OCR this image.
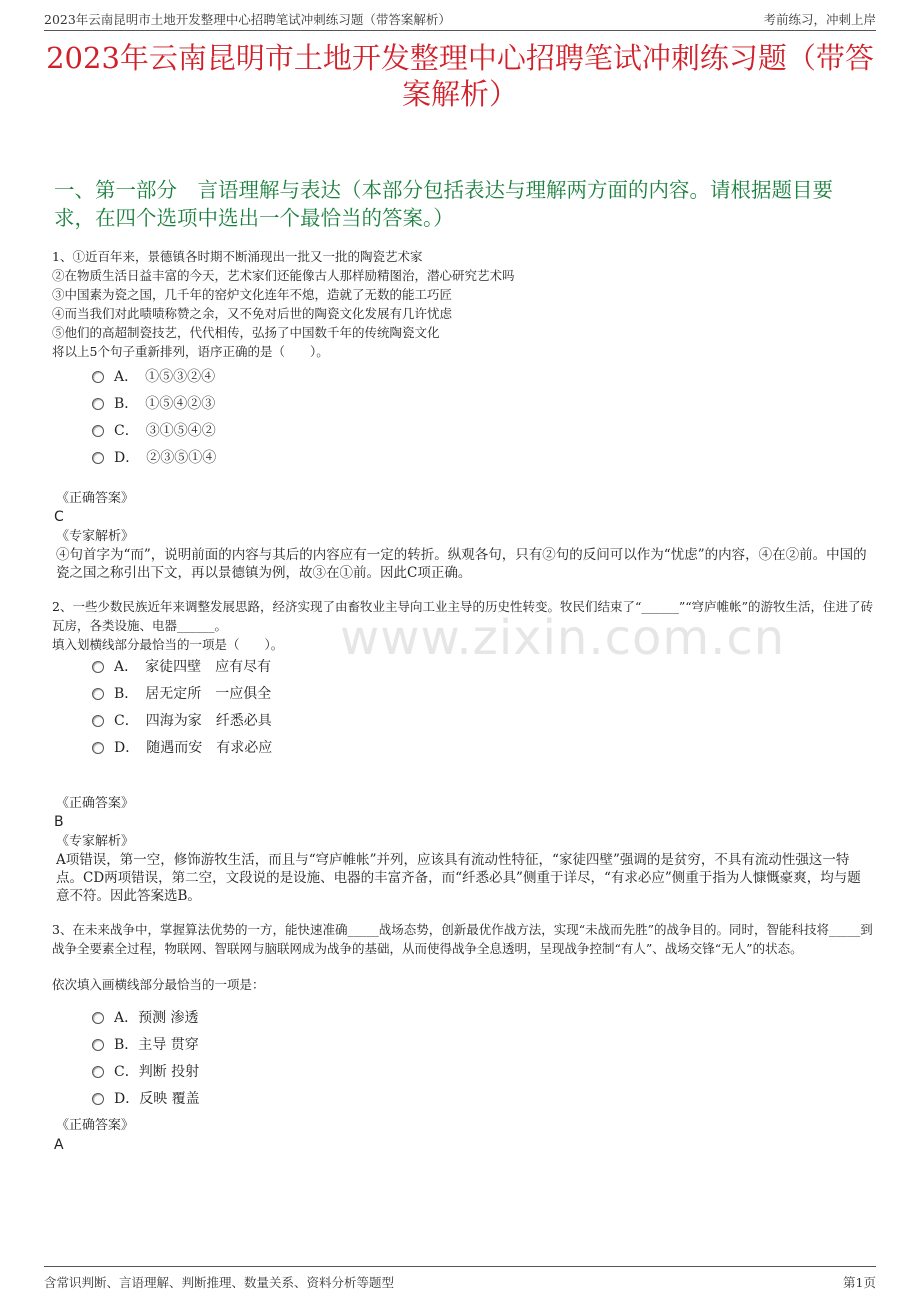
2023年云南昆明市土地开发整理中心招聘笔试冲刺练习题（带答案解析）	考前练习，冲刺上岸
2023年云南昆明市土地开发整理中心招聘笔试冲刺练习题（带答案解析）
一、第一部分　言语理解与表达（本部分包括表达与理解两方面的内容。请根据题目要求，在四个选项中选出一个最恰当的答案。）
www.zixin.com.cn

1、①近百年来，景德镇各时期不断涌现出一批又一批的陶瓷艺术家

②在物质生活日益丰富的今天，艺术家们还能像古人那样励精图治，潜心研究艺术吗

③中国素为瓷之国，几千年的窑炉文化连年不熄，造就了无数的能工巧匠

④而当我们对此啧啧称赞之余，又不免对后世的陶瓷文化发展有几许忧虑

⑤他们的高超制瓷技艺，代代相传，弘扬了中国数千年的传统陶瓷文化

将以上5个句子重新排列，语序正确的是（　　）。

A．　①⑤③②④
B．　①⑤④②③
C．　③①⑤④②
D．　②③⑤①④
《正确答案》
C
《专家解析》
④句首字为“而”，说明前面的内容与其后的内容应有一定的转折。纵观各句，只有②句的反问可以作为“忧虑”的内容，④在②前。中国的瓷之国之称引出下文，再以景德镇为例，故③在①前。因此C项正确。

2、一些少数民族近年来调整发展思路，经济实现了由畜牧业主导向工业主导的历史性转变。牧民们结束了“______”“穹庐帷帐”的游牧生活，住进了砖瓦房，各类设施、电器______。

填入划横线部分最恰当的一项是（　　）。

A．　家徒四壁　应有尽有
B．　居无定所　一应俱全
C．　四海为家　纤悉必具
D．　随遇而安　有求必应
《正确答案》
B
《专家解析》
A项错误，第一空，修饰游牧生活，而且与“穹庐帷帐”并列，应该具有流动性特征，“家徒四壁”强调的是贫穷，不具有流动性强这一特点。CD两项错误，第二空，文段说的是设施、电器的丰富齐备，而“纤悉必具”侧重于详尽，“有求必应”侧重于指为人慷慨豪爽，均与题意不符。因此答案选B。

3、在未来战争中，掌握算法优势的一方，能快速准确_____战场态势，创新最优作战方法，实现“未战而先胜”的战争目的。同时，智能科技将_____到战争全要素全过程，物联网、智联网与脑联网成为战争的基础，从而使得战争全息透明，呈现战争控制“有人”、战场交锋“无人”的状态。

依次填入画横线部分最恰当的一项是：
A．预测 渗透
B．主导 贯穿
C．判断 投射
D．反映 覆盖
《正确答案》
A
含常识判断、言语理解、判断推理、数量关系、资料分析等题型	第1页
